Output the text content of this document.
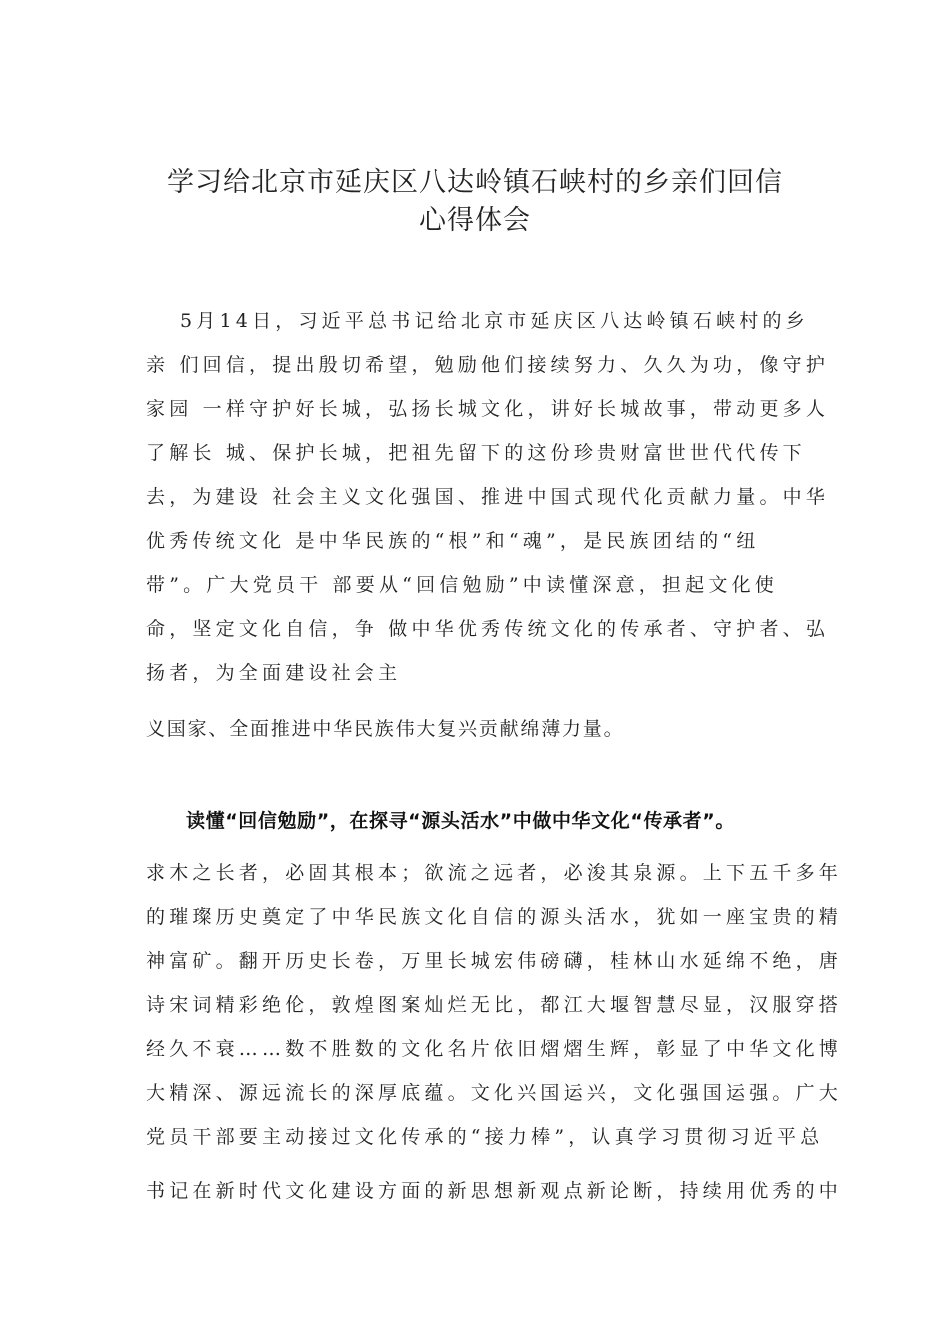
学习给北京市延庆区八达岭镇石峡村的乡亲们回信
心得体会
5月14日，习近平总书记给北京市延庆区八达岭镇石峡村的乡
亲 们回信，提出殷切希望，勉励他们接续努力、久久为功，像守护
家园 一样守护好长城，弘扬长城文化，讲好长城故事，带动更多人
了解长 城、保护长城，把祖先留下的这份珍贵财富世世代代传下
去，为建设 社会主义文化强国、推进中国式现代化贡献力量。中华
优秀传统文化 是中华民族的“根”和“魂”，是民族团结的“纽
带”。广大党员干 部要从“回信勉励”中读懂深意，担起文化使
命，坚定文化自信，争 做中华优秀传统文化的传承者、守护者、弘
扬者，为全面建设社会主
义国家、全面推进中华民族伟大复兴贡献绵薄力量。
读懂“回信勉励”，在探寻“源头活水”中做中华文化“传承者”。
求木之长者，必固其根本；欲流之远者，必浚其泉源。上下五千多年
的璀璨历史奠定了中华民族文化自信的源头活水，犹如一座宝贵的精
神富矿。翻开历史长卷，万里长城宏伟磅礴，桂林山水延绵不绝，唐
诗宋词精彩绝伦，敦煌图案灿烂无比，都江大堰智慧尽显，汉服穿搭
经久不衰……数不胜数的文化名片依旧熠熠生辉，彰显了中华文化博
大精深、源远流长的深厚底蕴。文化兴国运兴，文化强国运强。广大
党员干部要主动接过文化传承的“接力棒”，认真学习贯彻习近平总
书记在新时代文化建设方面的新思想新观点新论断，持续用优秀的中
